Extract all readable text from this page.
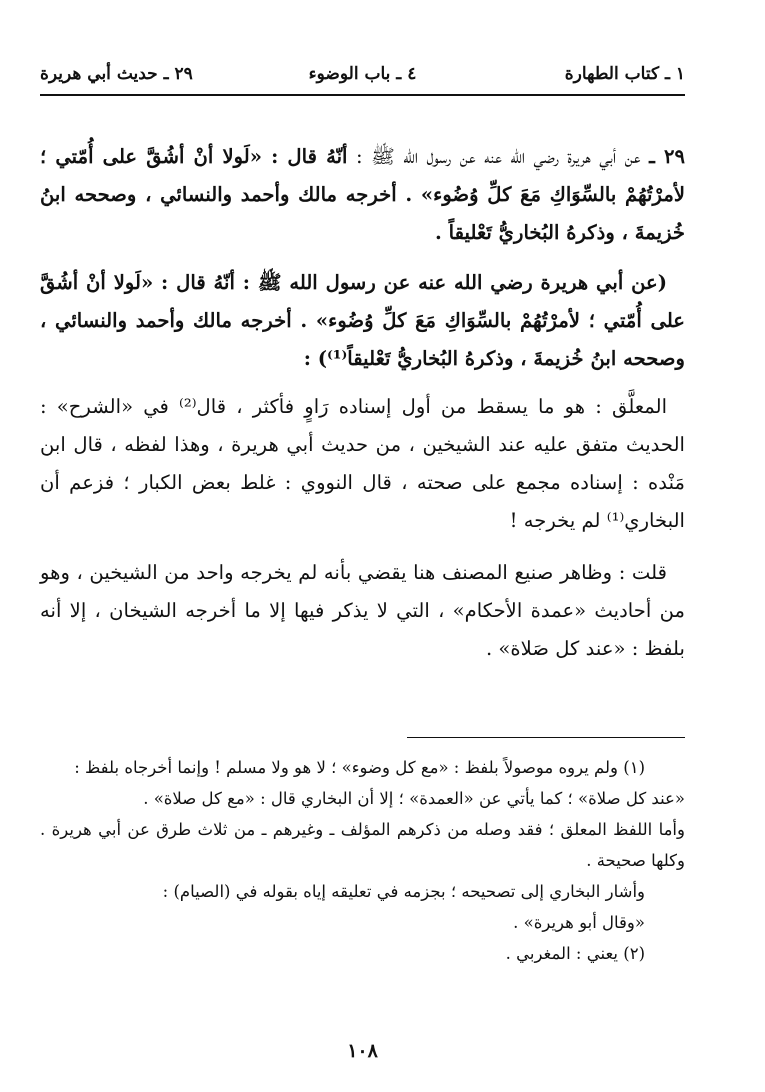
١ ـ كتاب الطهارة
٤ ـ باب الوضوء
٢٩ ـ حديث أبي هريرة

٢٩ ـ عن أبي هريرة رضي الله عنه عن رسول الله ﷺ : أنّهُ قال : «لَولا أنْ أشُقَّ على أُمّتي ؛ لأمرْتُهُمْ بالسِّوَاكِ مَعَ كلِّ وُضُوء» . أخرجه مالك وأحمد والنسائي ، وصححه ابنُ خُزيمةَ ، وذكرهُ البُخاريُّ تَعْليقاً .

(عن أبي هريرة رضي الله عنه عن رسول الله ﷺ : أنّهُ قال : «لَولا أنْ أشُقَّ على أُمّتي ؛ لأمرْتُهُمْ بالسِّوَاكِ مَعَ كلِّ وُضُوء» . أخرجه مالك وأحمد والنسائي ، وصححه ابنُ خُزيمةَ ، وذكرهُ البُخاريُّ تَعْليقاً⁽¹⁾) :

المعلَّق : هو ما يسقط من أول إسناده رَاوٍ فأكثر ، قال⁽²⁾ في «الشرح» : الحديث متفق عليه عند الشيخين ، من حديث أبي هريرة ، وهذا لفظه ، قال ابن مَنْده : إسناده مجمع على صحته ، قال النووي : غلط بعض الكبار ؛ فزعم أن البخاري⁽¹⁾ لم يخرجه !

قلت : وظاهر صنيع المصنف هنا يقضي بأنه لم يخرجه واحد من الشيخين ، وهو من أحاديث «عمدة الأحكام» ، التي لا يذكر فيها إلا ما أخرجه الشيخان ، إلا أنه بلفظ : «عند كل صَلاة» .

(١) ولم يروه موصولاً بلفظ : «مع كل وضوء» ؛ لا هو ولا مسلم ! وإنما أخرجاه بلفظ :

«عند كل صلاة» ؛ كما يأتي عن «العمدة» ؛ إلا أن البخاري قال : «مع كل صلاة» .

وأما اللفظ المعلق ؛ فقد وصله من ذكرهم المؤلف ـ وغيرهم ـ من ثلاث طرق عن أبي هريرة . وكلها صحيحة .

وأشار البخاري إلى تصحيحه ؛ بجزمه في تعليقه إياه بقوله في (الصيام) :

«وقال أبو هريرة» .

(٢) يعني : المغربي .

١٠٨
